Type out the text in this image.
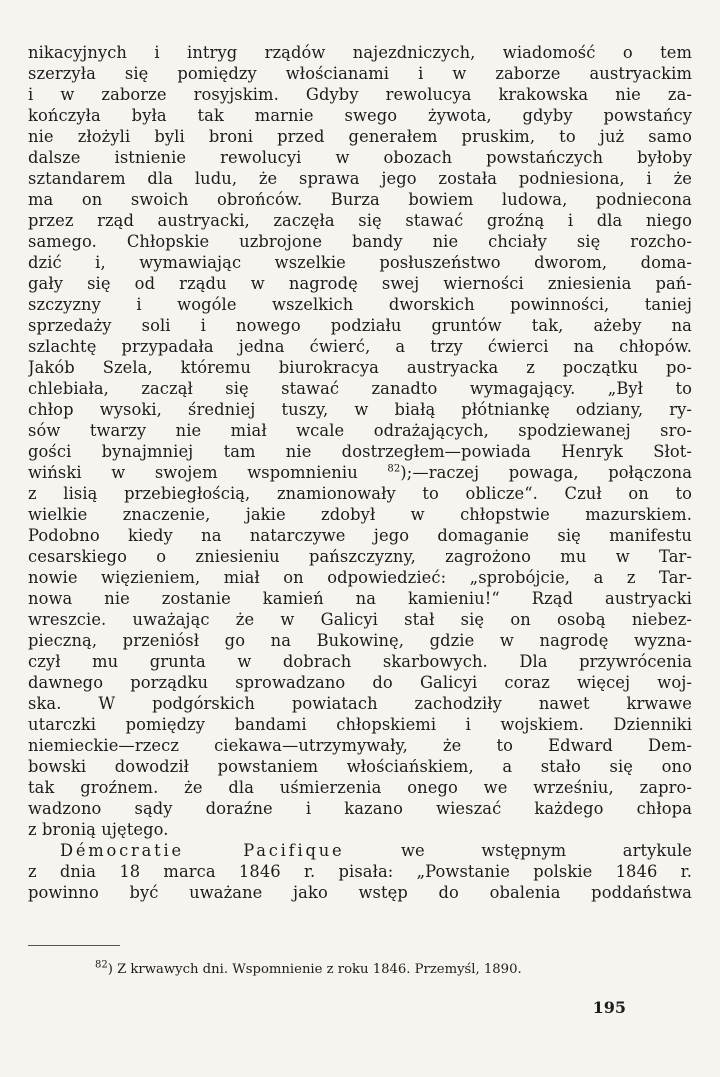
nikacyjnych i intryg rządów najezdniczych, wiadomość o tem
szerzyła się pomiędzy włościanami i w zaborze austryackim
i w zaborze rosyjskim. Gdyby rewolucya krakowska nie za-
kończyła była tak marnie swego żywota, gdyby powstańcy
nie złożyli byli broni przed generałem pruskim, to już samo
dalsze istnienie rewolucyi w obozach powstańczych byłoby
sztandarem dla ludu, że sprawa jego została podniesiona, i że
ma on swoich obrońców. Burza bowiem ludowa, podniecona
przez rząd austryacki, zaczęła się stawać groźną i dla niego
samego. Chłopskie uzbrojone bandy nie chciały się rozcho-
dzić i, wymawiając wszelkie posłuszeństwo dworom, doma-
gały się od rządu w nagrodę swej wierności zniesienia pań-
szczyzny i wogóle wszelkich dworskich powinności, taniej
sprzedaży soli i nowego podziału gruntów tak, ażeby na
szlachtę przypadała jedna ćwierć, a trzy ćwierci na chłopów.
Jakób Szela, któremu biurokracya austryacka z początku po-
chlebiała, zaczął się stawać zanadto wymagający. „Był to
chłop wysoki, średniej tuszy, w białą płótniankę odziany, ry-
sów twarzy nie miał wcale odrażających, spodziewanej sro-
gości bynajmniej tam nie dostrzegłem—powiada Henryk Słot-
wiński w swojem wspomnieniu $^{82}$);—raczej powaga, połączona
z lisią przebiegłością, znamionowały to oblicze“. Czuł on to
wielkie znaczenie, jakie zdobył w chłopstwie mazurskiem.
Podobno kiedy na natarczywe jego domaganie się manifestu
cesarskiego o zniesieniu pańszczyzny, zagrożono mu w Tar-
nowie więzieniem, miał on odpowiedzieć: „sprobójcie, a z Tar-
nowa nie zostanie kamień na kamieniu!“ Rząd austryacki
wreszcie. uważając że w Galicyi stał się on osobą niebez-
pieczną, przeniósł go na Bukowinę, gdzie w nagrodę wyzna-
czył mu grunta w dobrach skarbowych. Dla przywrócenia
dawnego porządku sprowadzano do Galicyi coraz więcej woj-
ska. W podgórskich powiatach zachodziły nawet krwawe
utarczki pomiędzy bandami chłopskiemi i wojskiem. Dzienniki
niemieckie—rzecz ciekawa—utrzymywały, że to Edward Dem-
bowski dowodził powstaniem włościańskiem, a stało się ono
tak groźnem. że dla uśmierzenia onego we wrześniu, zapro-
wadzono sądy doraźne i kazano wieszać każdego chłopa
z bronią ujętego.
Démocratie Pacifique we wstępnym artykule
z dnia 18 marca 1846 r. pisała: „Powstanie polskie 1846 r.
powinno być uważane jako wstęp do obalenia poddaństwa
$^{82}$) Z krwawych dni. Wspomnienie z roku 1846. Przemyśl, 1890.
195
